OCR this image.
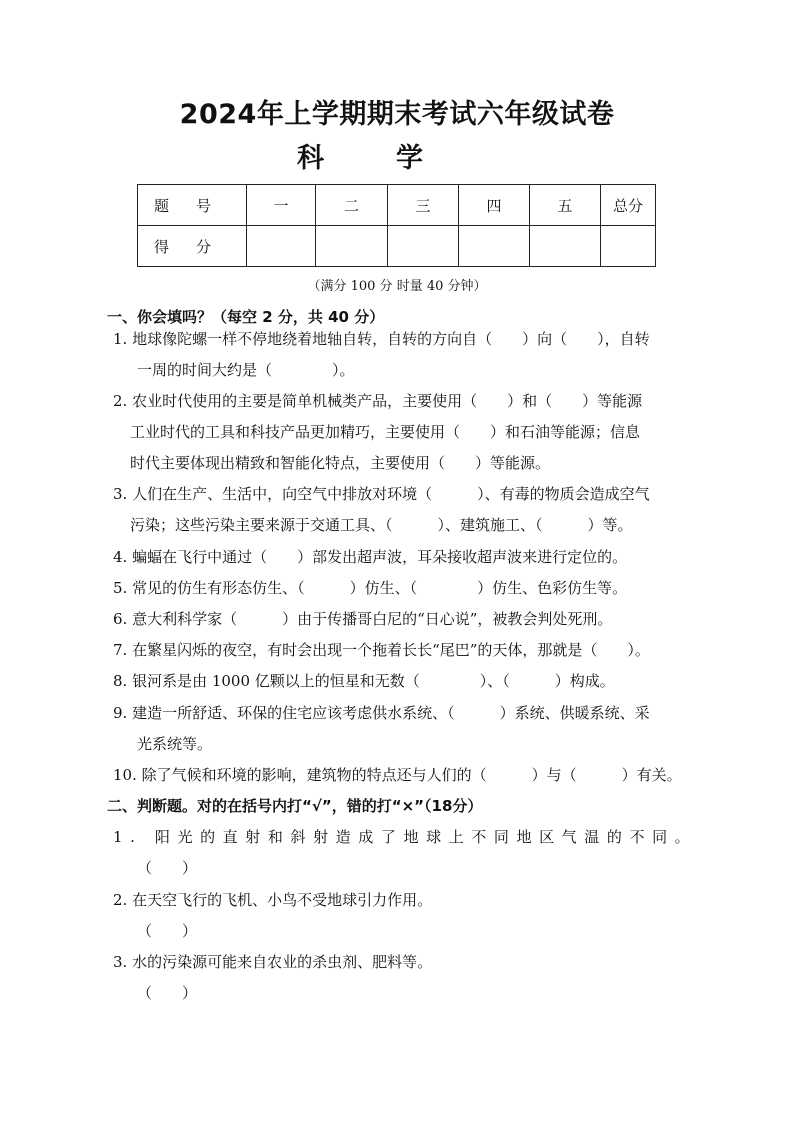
2024年上学期期末考试六年级试卷
科	学
题　号	一	二	三	四	五	总分
得　分						
（满分 100 分 时量 40 分钟）
一、你会填吗？（每空 2 分，共 40 分）
1. 地球像陀螺一样不停地绕着地轴自转，自转的方向自（　　）向（　　），自转
一周的时间大约是（　　　　）。
2. 农业时代使用的主要是简单机械类产品，主要使用（　　）和（　　）等能源
工业时代的工具和科技产品更加精巧，主要使用（　　）和石油等能源；信息
时代主要体现出精致和智能化特点，主要使用（　　）等能源。
3. 人们在生产、生活中，向空气中排放对环境（　　　）、有毒的物质会造成空气
污染；这些污染主要来源于交通工具、（　　　）、建筑施工、（　　　）等。
4. 蝙蝠在飞行中通过（　　）部发出超声波，耳朵接收超声波来进行定位的。
5. 常见的仿生有形态仿生、（　　　）仿生、（　　　　）仿生、色彩仿生等。
6. 意大利科学家（　　　）由于传播哥白尼的“日心说”，被教会判处死刑。
7. 在繁星闪烁的夜空，有时会出现一个拖着长长“尾巴”的天体，那就是（　　）。
8. 银河系是由 1000 亿颗以上的恒星和无数（　　　　）、（　　　）构成。
9. 建造一所舒适、环保的住宅应该考虑供水系统、（　　　）系统、供暖系统、采
光系统等。
10. 除了气候和环境的影响，建筑物的特点还与人们的（　　　）与（　　　）有关。
二、判断题。对的在括号内打“√”，错的打“×”（18分）
1. 阳光的直射和斜射造成了地球上不同地区气温的不同。
（　　）
2. 在天空飞行的飞机、小鸟不受地球引力作用。
（　　）
3. 水的污染源可能来自农业的杀虫剂、肥料等。
（　　）
